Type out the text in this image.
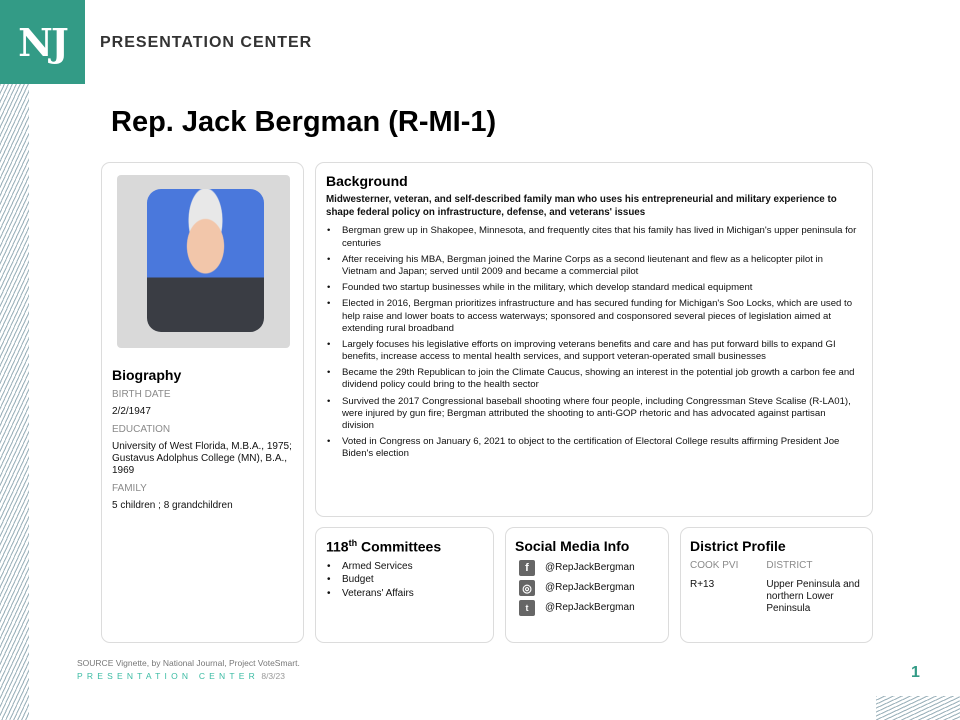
NJ PRESENTATION CENTER
Rep. Jack Bergman (R-MI-1)
Biography
BIRTH DATE
2/2/1947
EDUCATION
University of West Florida, M.B.A., 1975; Gustavus Adolphus College (MN), B.A., 1969
FAMILY
5 children ; 8 grandchildren
Background
Midwesterner, veteran, and self-described family man who uses his entrepreneurial and military experience to shape federal policy on infrastructure, defense, and veterans' issues
• Bergman grew up in Shakopee, Minnesota, and frequently cites that his family has lived in Michigan's upper peninsula for centuries
• After receiving his MBA, Bergman joined the Marine Corps as a second lieutenant and flew as a helicopter pilot in Vietnam and Japan; served until 2009 and became a commercial pilot
• Founded two startup businesses while in the military, which develop standard medical equipment
• Elected in 2016, Bergman prioritizes infrastructure and has secured funding for Michigan's Soo Locks, which are used to help raise and lower boats to access waterways; sponsored and cosponsored several pieces of legislation aimed at extending rural broadband
• Largely focuses his legislative efforts on improving veterans benefits and care and has put forward bills to expand GI benefits, increase access to mental health services, and support veteran-operated small businesses
• Became the 29th Republican to join the Climate Caucus, showing an interest in the potential job growth a carbon fee and dividend policy could bring to the health sector
• Survived the 2017 Congressional baseball shooting where four people, including Congressman Steve Scalise (R-LA01), were injured by gun fire; Bergman attributed the shooting to anti-GOP rhetoric and has advocated against partisan division
• Voted in Congress on January 6, 2021 to object to the certification of Electoral College results affirming President Joe Biden's election
118th Committees
• Armed Services
• Budget
• Veterans' Affairs
Social Media Info
f	@RepJackBergman
◎	@RepJackBergman
t	@RepJackBergman
District Profile
COOK PVI
R+13
DISTRICT
Upper Peninsula and northern Lower Peninsula
SOURCE Vignette, by National Journal, Project VoteSmart.
PRESENTATION CENTER 8/3/23	1
